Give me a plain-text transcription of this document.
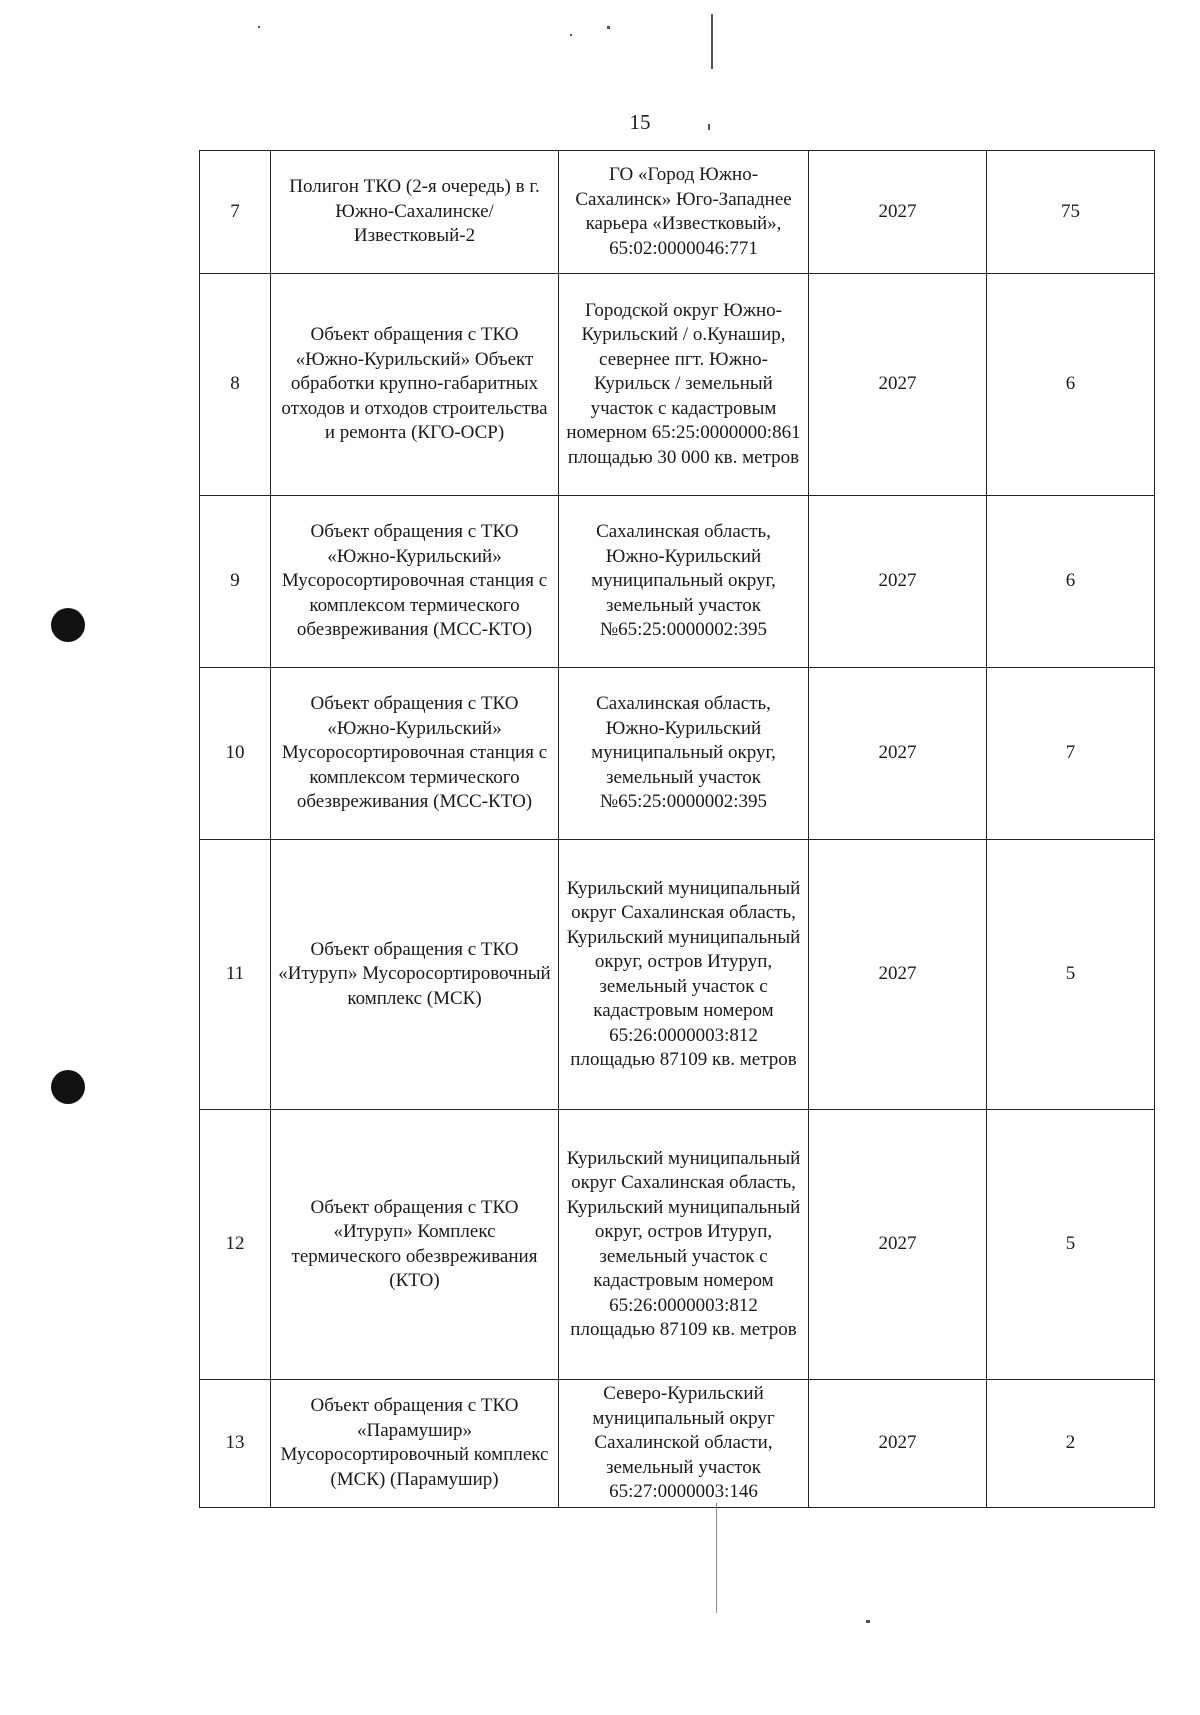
15
7	Полигон ТКО (2-я очередь) в г. Южно-Сахалинске/Известковый-2	ГО «Город Южно-Сахалинск» Юго-Западнее карьера «Известковый», 65:02:0000046:771	2027	75
8	Объект обращения с ТКО «Южно-Курильский» Объект обработки крупно-габаритных отходов и отходов строительства и ремонта (КГО-ОСР)	Городской округ Южно-Курильский / о.Кунашир, севернее пгт. Южно-Курильск / земельный участок с кадастровым номерном 65:25:0000000:861 площадью 30 000 кв. метров	2027	6
9	Объект обращения с ТКО «Южно-Курильский» Мусоросортировочная станция с комплексом термического обезвреживания (МСС-КТО)	Сахалинская область, Южно-Курильский муниципальный округ, земельный участок №65:25:0000002:395	2027	6
10	Объект обращения с ТКО «Южно-Курильский» Мусоросортировочная станция с комплексом термического обезвреживания (МСС-КТО)	Сахалинская область, Южно-Курильский муниципальный округ, земельный участок №65:25:0000002:395	2027	7
11	Объект обращения с ТКО «Итуруп» Мусоросортировочный комплекс (МСК)	Курильский муниципальный округ Сахалинская область, Курильский муниципальный округ, остров Итуруп, земельный участок с кадастровым номером 65:26:0000003:812 площадью 87109 кв. метров	2027	5
12	Объект обращения с ТКО «Итуруп» Комплекс термического обезвреживания (КТО)	Курильский муниципальный округ Сахалинская область, Курильский муниципальный округ, остров Итуруп, земельный участок с кадастровым номером 65:26:0000003:812 площадью 87109 кв. метров	2027	5
13	Объект обращения с ТКО «Парамушир» Мусоросортировочный комплекс (МСК) (Парамушир)	Северо-Курильский муниципальный округ Сахалинской области, земельный участок 65:27:0000003:146	2027	2
